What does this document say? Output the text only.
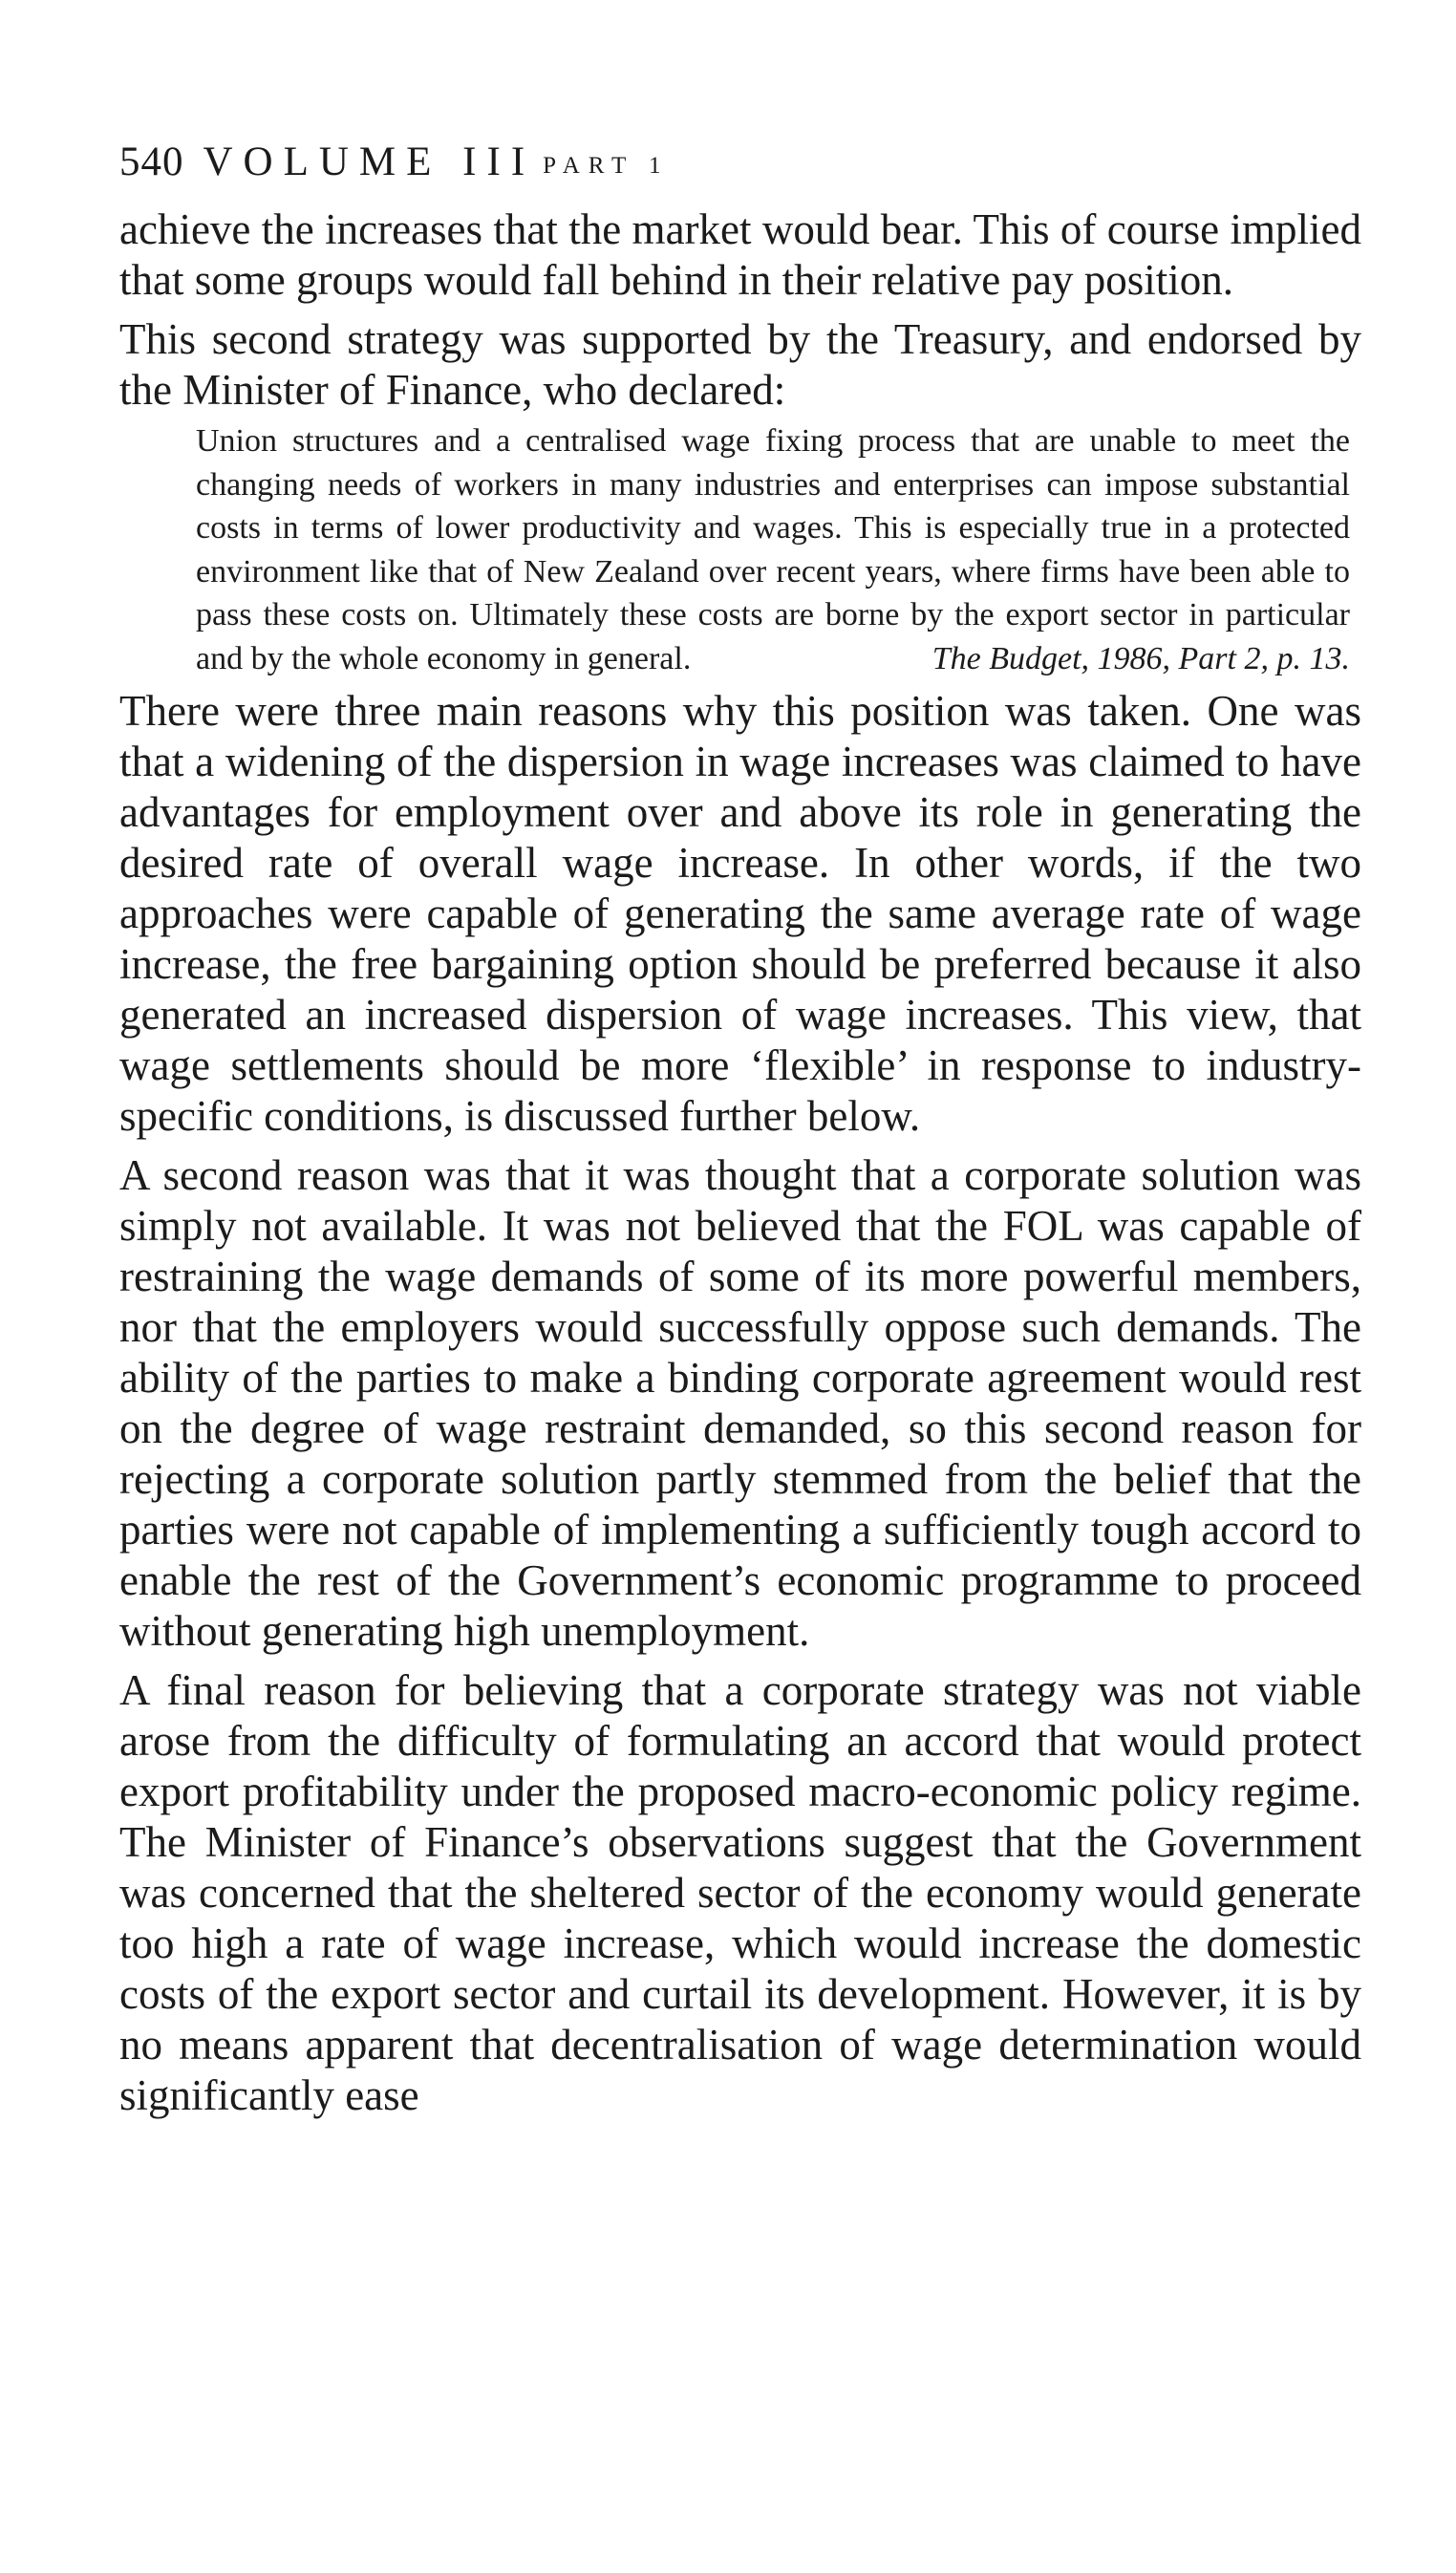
540 VOLUME III PART 1

achieve the increases that the market would bear. This of course implied that some groups would fall behind in their relative pay position.

This second strategy was supported by the Treasury, and endorsed by the Minister of Finance, who declared:

Union structures and a centralised wage fixing process that are unable to meet the changing needs of workers in many industries and enterprises can impose substantial costs in terms of lower productivity and wages. This is especially true in a protected environment like that of New Zealand over recent years, where firms have been able to pass these costs on. Ultimately these costs are borne by the export sector in particular and by the whole economy in general.	The Budget, 1986, Part 2, p. 13.

There were three main reasons why this position was taken. One was that a widening of the dispersion in wage increases was claimed to have advantages for employment over and above its role in generating the desired rate of overall wage increase. In other words, if the two approaches were capable of generating the same average rate of wage increase, the free bargaining option should be preferred because it also generated an increased dispersion of wage increases. This view, that wage settlements should be more ‘flexible’ in response to industry-specific conditions, is discussed further below.

A second reason was that it was thought that a corporate solution was simply not available. It was not believed that the FOL was capable of restraining the wage demands of some of its more powerful members, nor that the employers would successfully oppose such demands. The ability of the parties to make a binding corporate agreement would rest on the degree of wage restraint demanded, so this second reason for rejecting a corporate solution partly stemmed from the belief that the parties were not capable of implementing a sufficiently tough accord to enable the rest of the Government’s economic programme to proceed without generating high unemployment.

A final reason for believing that a corporate strategy was not viable arose from the difficulty of formulating an accord that would protect export profitability under the proposed macro-economic policy regime. The Minister of Finance’s observations suggest that the Government was concerned that the sheltered sector of the economy would generate too high a rate of wage increase, which would increase the domestic costs of the export sector and curtail its development. However, it is by no means apparent that decentralisation of wage determination would significantly ease
